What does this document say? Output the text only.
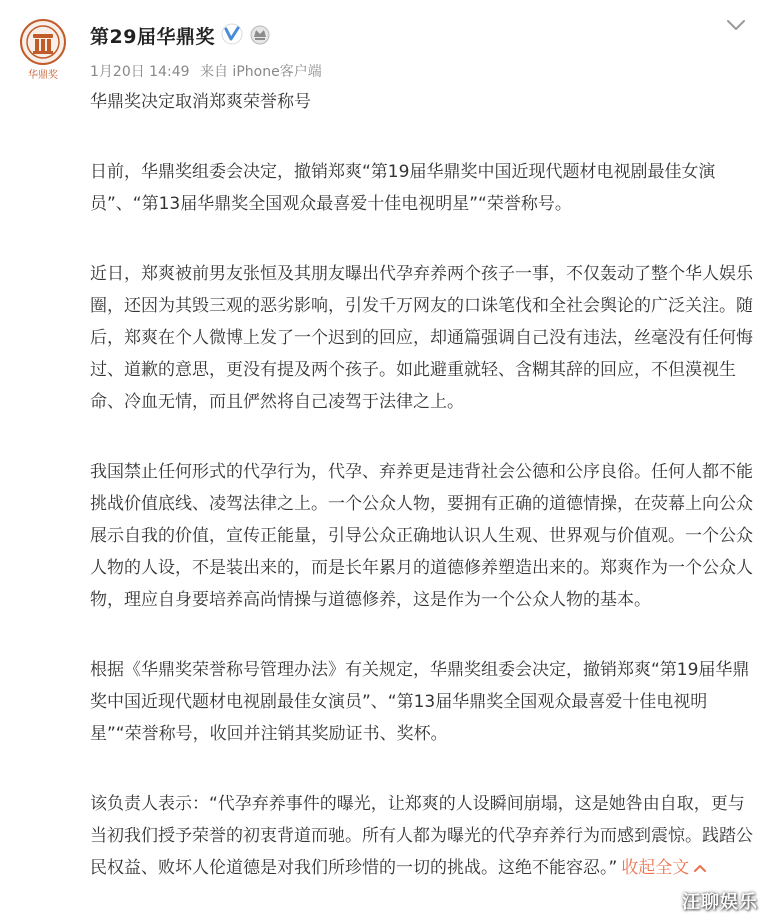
华鼎奖
第29届华鼎奖
1月20日 14:49 来自 iPhone客户端

华鼎奖决定取消郑爽荣誉称号

日前，华鼎奖组委会决定，撤销郑爽“第19届华鼎奖中国近现代题材电视剧最佳女演员”、“第13届华鼎奖全国观众最喜爱十佳电视明星”“荣誉称号。

近日，郑爽被前男友张恒及其朋友曝出代孕弃养两个孩子一事，不仅轰动了整个华人娱乐圈，还因为其毁三观的恶劣影响，引发千万网友的口诛笔伐和全社会舆论的广泛关注。随后，郑爽在个人微博上发了一个迟到的回应，却通篇强调自己没有违法，丝毫没有任何悔过、道歉的意思，更没有提及两个孩子。如此避重就轻、含糊其辞的回应，不但漠视生命、冷血无情，而且俨然将自己凌驾于法律之上。

我国禁止任何形式的代孕行为，代孕、弃养更是违背社会公德和公序良俗。任何人都不能挑战价值底线、凌驾法律之上。一个公众人物，要拥有正确的道德情操，在荧幕上向公众展示自我的价值，宣传正能量，引导公众正确地认识人生观、世界观与价值观。一个公众人物的人设，不是装出来的，而是长年累月的道德修养塑造出来的。郑爽作为一个公众人物，理应自身要培养高尚情操与道德修养，这是作为一个公众人物的基本。

根据《华鼎奖荣誉称号管理办法》有关规定，华鼎奖组委会决定，撤销郑爽“第19届华鼎奖中国近现代题材电视剧最佳女演员”、“第13届华鼎奖全国观众最喜爱十佳电视明星”“荣誉称号，收回并注销其奖励证书、奖杯。

该负责人表示：“代孕弃养事件的曝光，让郑爽的人设瞬间崩塌，这是她咎由自取，更与当初我们授予荣誉的初衷背道而驰。所有人都为曝光的代孕弃养行为而感到震惊。践踏公民权益、败坏人伦道德是对我们所珍惜的一切的挑战。这绝不能容忍。” 收起全文

汪聊娱乐
